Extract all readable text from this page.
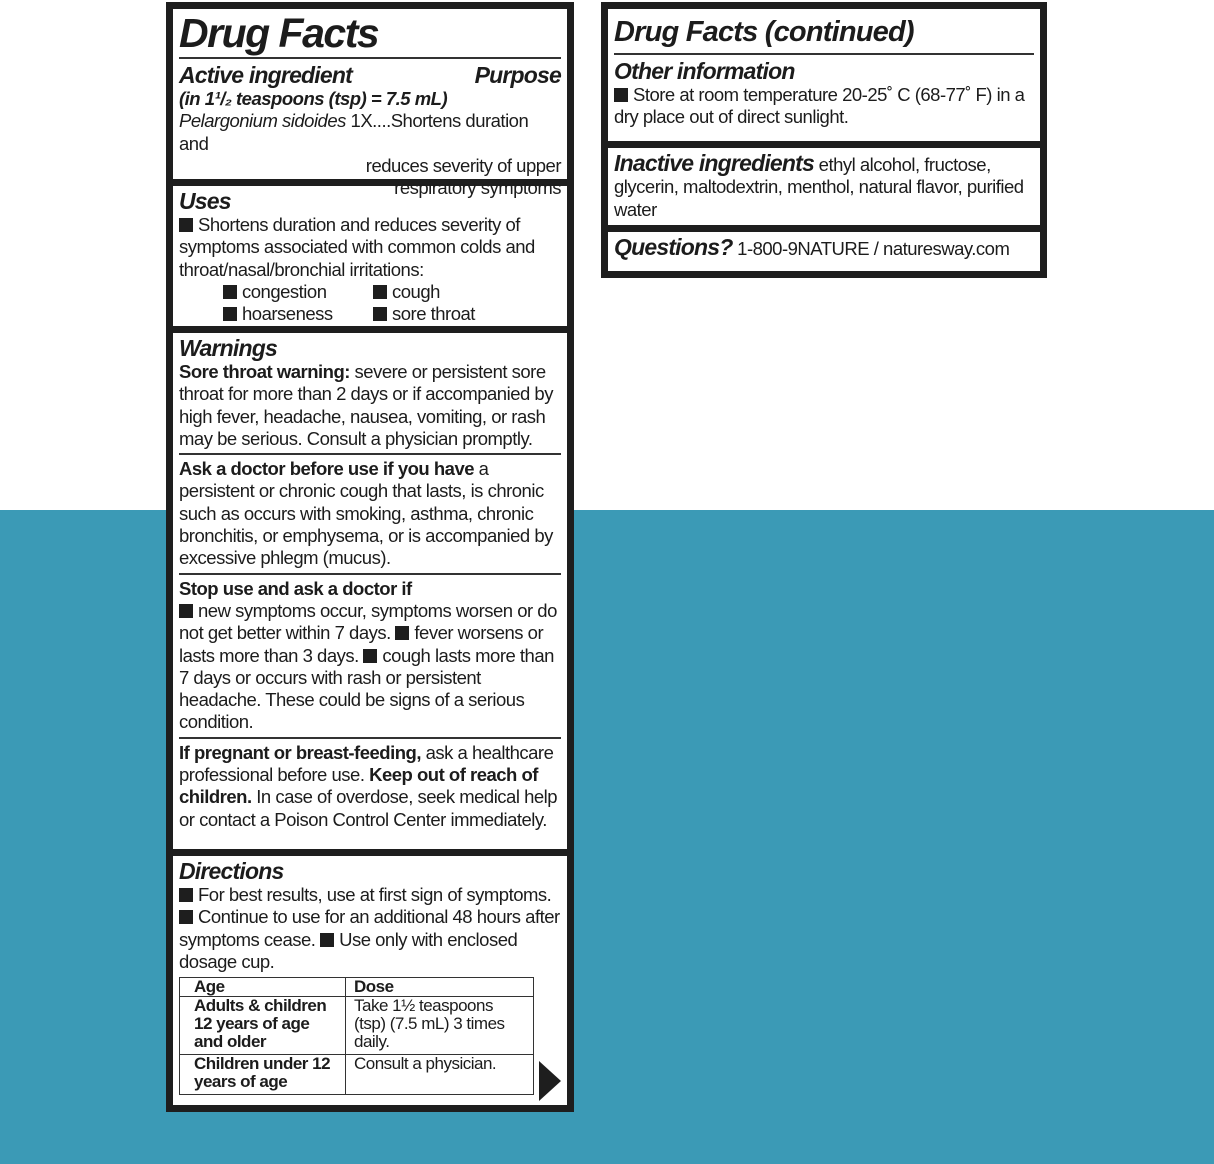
Drug Facts
Active ingredient	Purpose
(in 1¹/₂ teaspoons (tsp) = 7.5 mL)
Pelargonium sidoides 1X....Shortens duration and
reduces severity of upper
respiratory symptoms
Uses
Shortens duration and reduces severity of symptoms associated with common colds and throat/nasal/bronchial irritations:
congestion	cough
hoarseness	sore throat
Warnings
Sore throat warning: severe or persistent sore throat for more than 2 days or if accompanied by high fever, headache, nausea, vomiting, or rash may be serious. Consult a physician promptly.
Ask a doctor before use if you have a persistent or chronic cough that lasts, is chronic such as occurs with smoking, asthma, chronic bronchitis, or emphysema, or is accompanied by excessive phlegm (mucus).
Stop use and ask a doctor if
new symptoms occur, symptoms worsen or do not get better within 7 days. fever worsens or lasts more than 3 days. cough lasts more than 7 days or occurs with rash or persistent headache. These could be signs of a serious condition.
If pregnant or breast-feeding, ask a healthcare professional before use. Keep out of reach of children. In case of overdose, seek medical help or contact a Poison Control Center immediately.
Directions
For best results, use at first sign of symptoms.
Continue to use for an additional 48 hours after symptoms cease. Use only with enclosed dosage cup.
Age	Dose
Adults & children 12 years of age and older	Take 1½ teaspoons (tsp) (7.5 mL) 3 times daily.
Children under 12 years of age	Consult a physician.
Drug Facts (continued)
Other information
Store at room temperature 20-25˚ C (68-77˚ F) in a dry place out of direct sunlight.
Inactive ingredients ethyl alcohol, fructose, glycerin, maltodextrin, menthol, natural flavor, purified water
Questions? 1-800-9NATURE / naturesway.com
